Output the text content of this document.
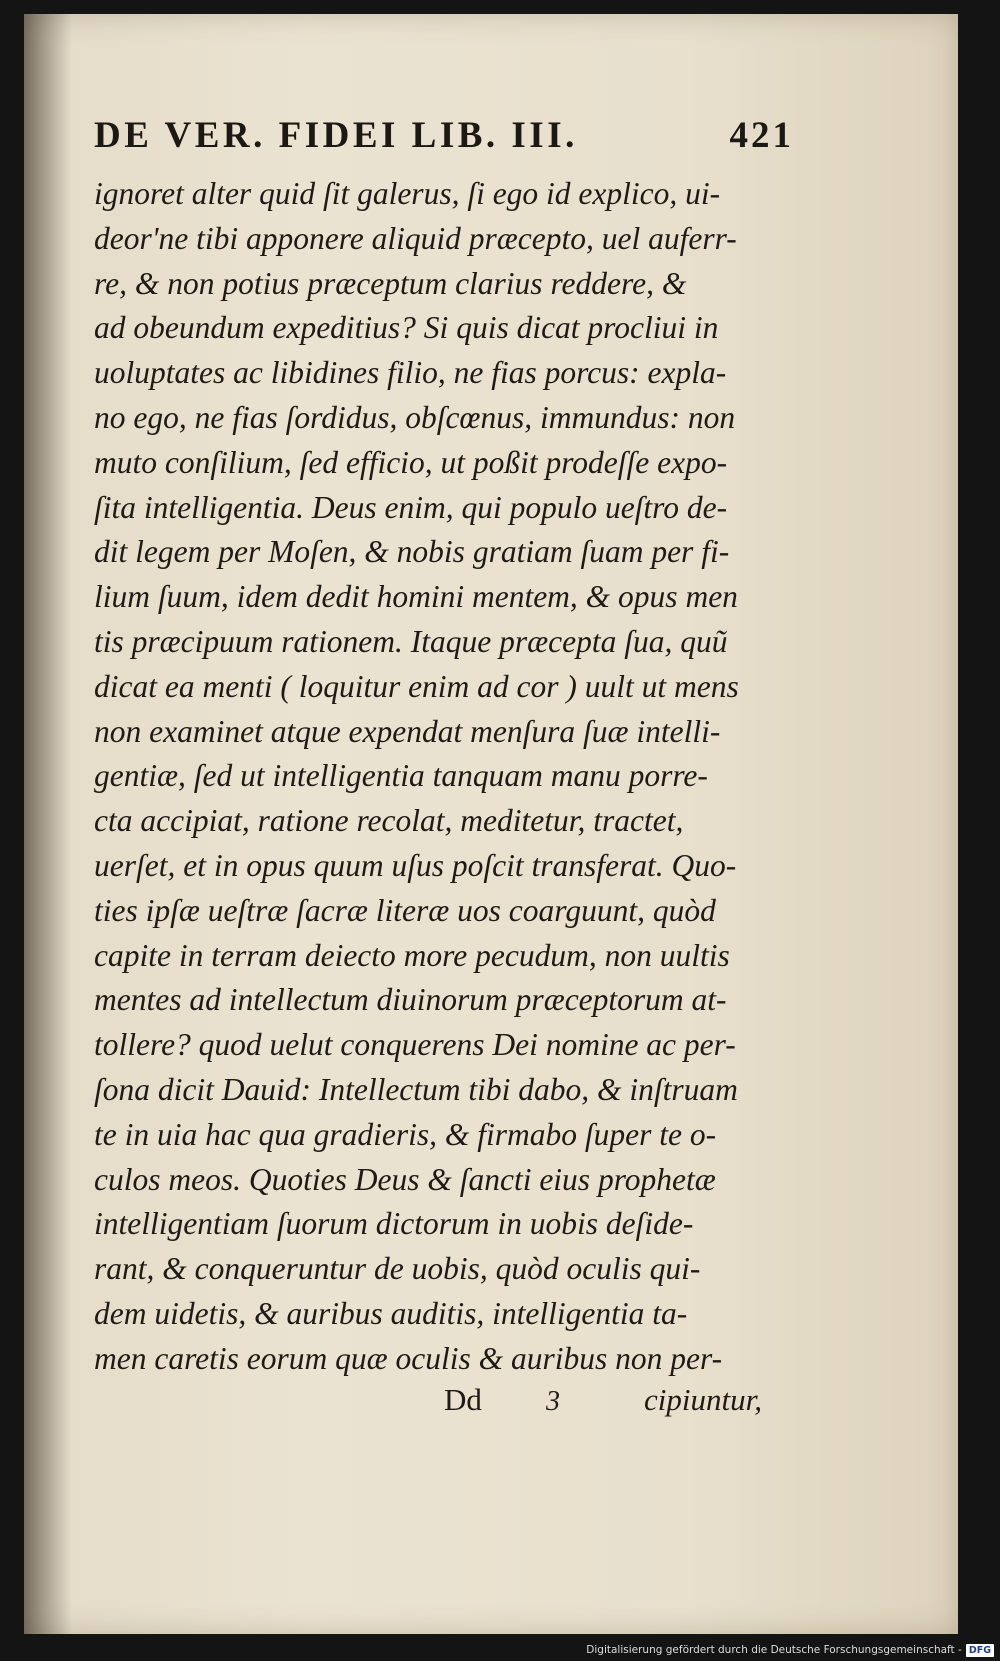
DE VER. FIDEI LIB. III.	421
ignoret alter quid ſit galerus, ſi ego id explico, ui-
deor'ne tibi apponere aliquid præcepto, uel auferr-
re, & non potius præceptum clarius reddere, &
ad obeundum expeditius? Si quis dicat procliui in
uoluptates ac libidines filio, ne fias porcus: expla-
no ego, ne fias ſordidus, obſcœnus, immundus: non
muto conſilium, ſed efficio, ut poßit prodeſſe expo-
ſita intelligentia. Deus enim, qui populo ueſtro de-
dit legem per Moſen, & nobis gratiam ſuam per fi-
lium ſuum, idem dedit homini mentem, & opus men
tis præcipuum rationem. Itaque præcepta ſua, quũ
dicat ea menti ( loquitur enim ad cor ) uult ut mens
non examinet atque expendat menſura ſuæ intelli-
gentiæ, ſed ut intelligentia tanquam manu porre-
cta accipiat, ratione recolat, meditetur, tractet,
uerſet, et in opus quum uſus poſcit transferat. Quo-
ties ipſæ ueſtræ ſacræ literæ uos coarguunt, quòd
capite in terram deiecto more pecudum, non uultis
mentes ad intellectum diuinorum præceptorum at-
tollere? quod uelut conquerens Dei nomine ac per-
ſona dicit Dauid: Intellectum tibi dabo, & inſtruam
te in uia hac qua gradieris, & firmabo ſuper te o-
culos meos. Quoties Deus & ſancti eius prophetæ
intelligentiam ſuorum dictorum in uobis deſide-
rant, & conqueruntur de uobis, quòd oculis qui-
dem uidetis, & auribus auditis, intelligentia ta-
men caretis eorum quæ oculis & auribus non per-
Dd 3	cipiuntur,
Digitalisierung gefördert durch die Deutsche Forschungsgemeinschaft - DFG
